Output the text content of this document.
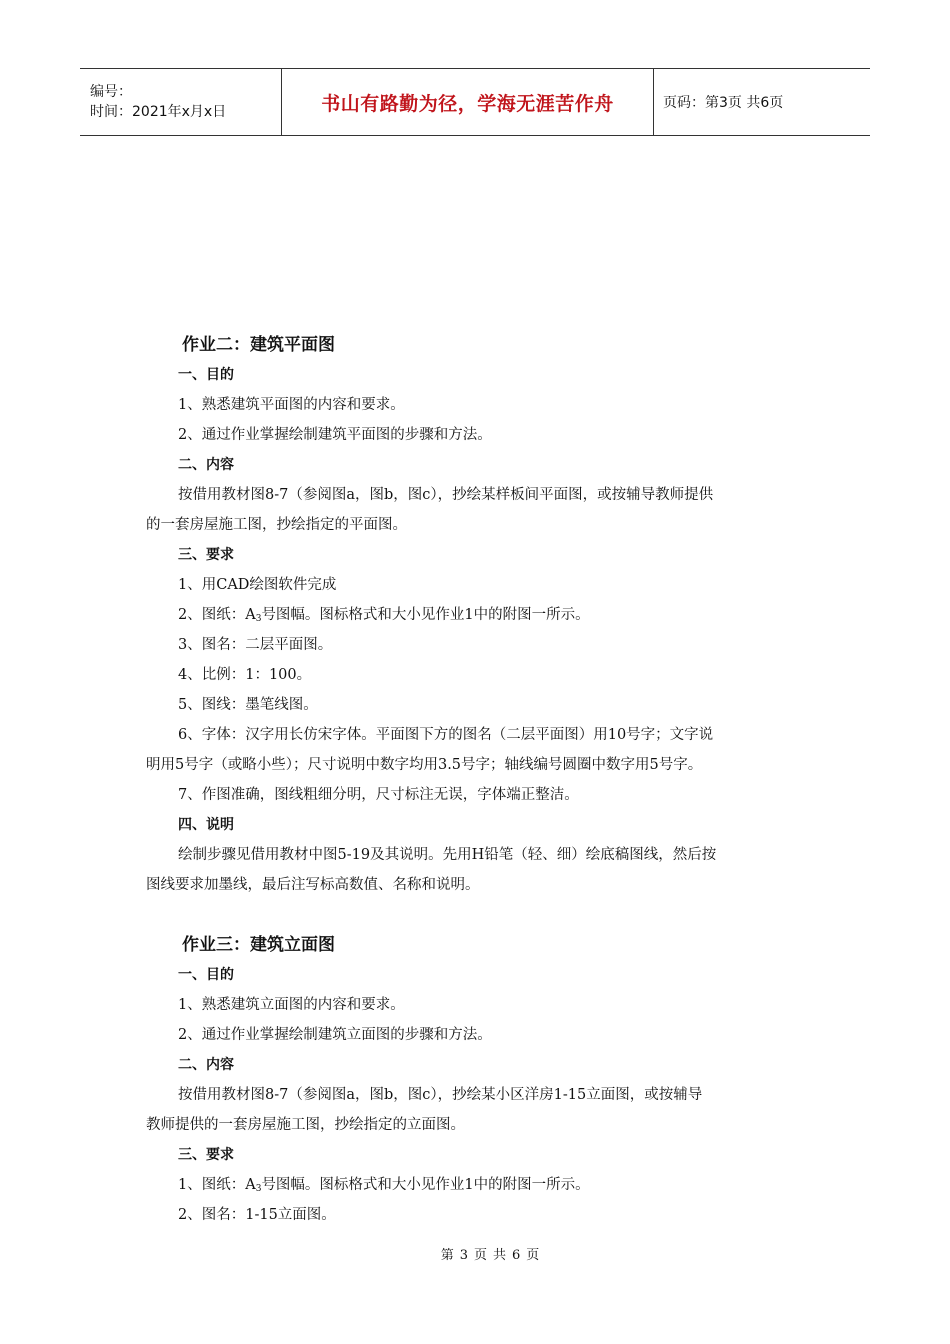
编号：
时间：2021年x月x日	书山有路勤为径，学海无涯苦作舟	页码：第3页 共6页
作业二：建筑平面图
一、目的
1、熟悉建筑平面图的内容和要求。
2、通过作业掌握绘制建筑平面图的步骤和方法。
二、内容
按借用教材图8-7（参阅图a，图b，图c），抄绘某样板间平面图，或按辅导教师提供
的一套房屋施工图，抄绘指定的平面图。
三、要求
1、用CAD绘图软件完成
2、图纸：$A_3$号图幅。图标格式和大小见作业1中的附图一所示。
3、图名：二层平面图。
4、比例：1：100。
5、图线：墨笔线图。
6、字体：汉字用长仿宋字体。平面图下方的图名（二层平面图）用10号字；文字说
明用5号字（或略小些）；尺寸说明中数字均用3.5号字；轴线编号圆圈中数字用5号字。
7、作图准确，图线粗细分明，尺寸标注无误，字体端正整洁。
四、说明
绘制步骤见借用教材中图5-19及其说明。先用H铅笔（轻、细）绘底稿图线，然后按
图线要求加墨线，最后注写标高数值、名称和说明。
作业三：建筑立面图
一、目的
1、熟悉建筑立面图的内容和要求。
2、通过作业掌握绘制建筑立面图的步骤和方法。
二、内容
按借用教材图8-7（参阅图a，图b，图c），抄绘某小区洋房1-15立面图，或按辅导
教师提供的一套房屋施工图，抄绘指定的立面图。
三、要求
1、图纸：$A_3$号图幅。图标格式和大小见作业1中的附图一所示。
2、图名：1-15立面图。
第 3 页 共 6 页
